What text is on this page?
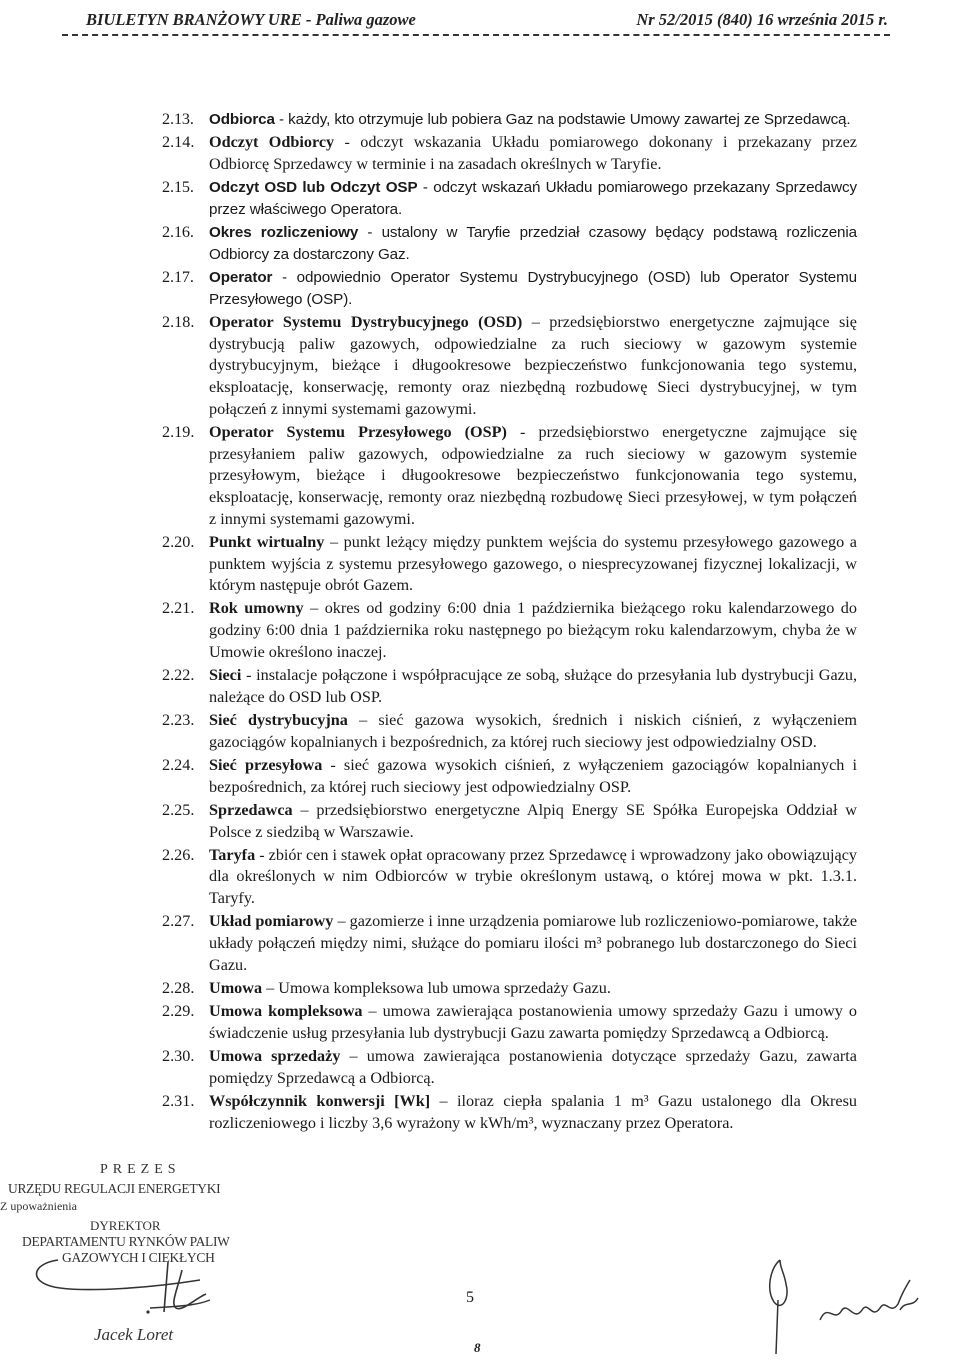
BIULETYN BRANŻOWY URE - Paliwa gazowe	Nr 52/2015 (840) 16 września 2015 r.
2.13. Odbiorca - każdy, kto otrzymuje lub pobiera Gaz na podstawie Umowy zawartej ze Sprzedawcą.
2.14. Odczyt Odbiorcy - odczyt wskazania Układu pomiarowego dokonany i przekazany przez Odbiorcę Sprzedawcy w terminie i na zasadach określnych w Taryfie.
2.15. Odczyt OSD lub Odczyt OSP - odczyt wskazań Układu pomiarowego przekazany Sprzedawcy przez właściwego Operatora.
2.16. Okres rozliczeniowy - ustalony w Taryfie przedział czasowy będący podstawą rozliczenia Odbiorcy za dostarczony Gaz.
2.17. Operator - odpowiednio Operator Systemu Dystrybucyjnego (OSD) lub Operator Systemu Przesyłowego (OSP).
2.18. Operator Systemu Dystrybucyjnego (OSD) – przedsiębiorstwo energetyczne zajmujące się dystrybucją paliw gazowych, odpowiedzialne za ruch sieciowy w gazowym systemie dystrybucyjnym, bieżące i długookresowe bezpieczeństwo funkcjonowania tego systemu, eksploatację, konserwację, remonty oraz niezbędną rozbudowę Sieci dystrybucyjnej, w tym połączeń z innymi systemami gazowymi.
2.19. Operator Systemu Przesyłowego (OSP) - przedsiębiorstwo energetyczne zajmujące się przesyłaniem paliw gazowych, odpowiedzialne za ruch sieciowy w gazowym systemie przesyłowym, bieżące i długookresowe bezpieczeństwo funkcjonowania tego systemu, eksploatację, konserwację, remonty oraz niezbędną rozbudowę Sieci przesyłowej, w tym połączeń z innymi systemami gazowymi.
2.20. Punkt wirtualny – punkt leżący między punktem wejścia do systemu przesyłowego gazowego a punktem wyjścia z systemu przesyłowego gazowego, o niesprecyzowanej fizycznej lokalizacji, w którym następuje obrót Gazem.
2.21. Rok umowny – okres od godziny 6:00 dnia 1 października bieżącego roku kalendarzowego do godziny 6:00 dnia 1 października roku następnego po bieżącym roku kalendarzowym, chyba że w Umowie określono inaczej.
2.22. Sieci - instalacje połączone i współpracujące ze sobą, służące do przesyłania lub dystrybucji Gazu, należące do OSD lub OSP.
2.23. Sieć dystrybucyjna – sieć gazowa wysokich, średnich i niskich ciśnień, z wyłączeniem gazociągów kopalnianych i bezpośrednich, za której ruch sieciowy jest odpowiedzialny OSD.
2.24. Sieć przesyłowa - sieć gazowa wysokich ciśnień, z wyłączeniem gazociągów kopalnianych i bezpośrednich, za której ruch sieciowy jest odpowiedzialny OSP.
2.25. Sprzedawca – przedsiębiorstwo energetyczne Alpiq Energy SE Spółka Europejska Oddział w Polsce z siedzibą w Warszawie.
2.26. Taryfa - zbiór cen i stawek opłat opracowany przez Sprzedawcę i wprowadzony jako obowiązujący dla określonych w nim Odbiorców w trybie określonym ustawą, o której mowa w pkt. 1.3.1. Taryfy.
2.27. Układ pomiarowy – gazomierze i inne urządzenia pomiarowe lub rozliczeniowo-pomiarowe, także układy połączeń między nimi, służące do pomiaru ilości m³ pobranego lub dostarczonego do Sieci Gazu.
2.28. Umowa – Umowa kompleksowa lub umowa sprzedaży Gazu.
2.29. Umowa kompleksowa – umowa zawierająca postanowienia umowy sprzedaży Gazu i umowy o świadczenie usług przesyłania lub dystrybucji Gazu zawarta pomiędzy Sprzedawcą a Odbiorcą.
2.30. Umowa sprzedaży – umowa zawierająca postanowienia dotyczące sprzedaży Gazu, zawarta pomiędzy Sprzedawcą a Odbiorcą.
2.31. Współczynnik konwersji [Wk] – iloraz ciepła spalania 1 m³ Gazu ustalonego dla Okresu rozliczeniowego i liczby 3,6 wyrażony w kWh/m³, wyznaczany przez Operatora.
PREZES
URZĘDU REGULACJI ENERGETYKI
Z upoważnienia
DYREKTOR
DEPARTAMENTU RYNKÓW PALIW
GAZOWYCH I CIEKŁYCH
Jacek Loret
5
8
